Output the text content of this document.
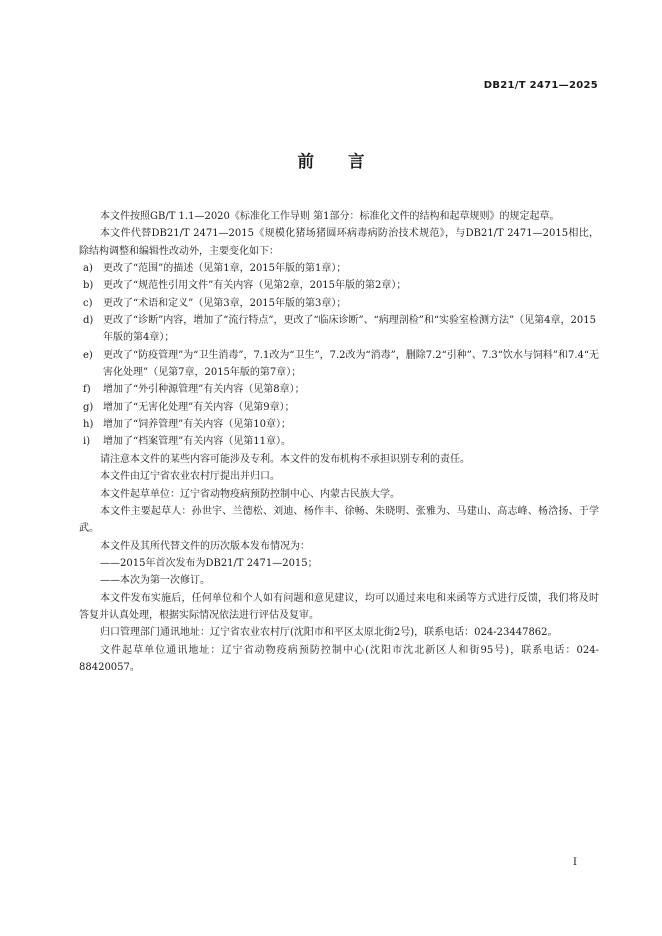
DB21/T 2471—2025
前言

本文件按照GB/T 1.1—2020《标准化工作导则 第1部分：标准化文件的结构和起草规则》的规定起草。

本文件代替DB21/T 2471—2015《规模化猪场猪圆环病毒病防治技术规范》，与DB21/T 2471—2015相比，除结构调整和编辑性改动外，主要变化如下：

a) 更改了“范围”的描述（见第1章，2015年版的第1章）；
b) 更改了“规范性引用文件”有关内容（见第2章，2015年版的第2章）；
c) 更改了“术语和定义”（见第3章，2015年版的第3章）；
d) 更改了“诊断”内容，增加了“流行特点”，更改了“临床诊断”、“病理剖检”和“实验室检测方法”（见第4章，2015年版的第4章）；
e) 更改了“防疫管理”为“卫生消毒”，7.1改为“卫生”，7.2改为“消毒”，删除7.2“引种”、7.3“饮水与饲料”和7.4“无害化处理”（见第7章，2015年版的第7章）；
f) 增加了“外引种源管理”有关内容（见第8章）；
g) 增加了“无害化处理”有关内容（见第9章）；
h) 增加了“饲养管理”有关内容（见第10章）；
i) 增加了“档案管理”有关内容（见第11章）。

请注意本文件的某些内容可能涉及专利。本文件的发布机构不承担识别专利的责任。

本文件由辽宁省农业农村厅提出并归口。

本文件起草单位：辽宁省动物疫病预防控制中心、内蒙古民族大学。

本文件主要起草人：孙世宇、兰德松、刘迪、杨作丰、徐畅、朱晓明、张雅为、马建山、高志峰、杨浛扬、于学武。

本文件及其所代替文件的历次版本发布情况为：

——2015年首次发布为DB21/T 2471—2015；

——本次为第一次修订。

本文件发布实施后，任何单位和个人如有问题和意见建议，均可以通过来电和来函等方式进行反馈，我们将及时答复并认真处理，根据实际情况依法进行评估及复审。

归口管理部门通讯地址：辽宁省农业农村厅(沈阳市和平区太原北街2号)，联系电话：024-23447862。

文件起草单位通讯地址：辽宁省动物疫病预防控制中心(沈阳市沈北新区人和街95号)，联系电话：024-88420057。

I
